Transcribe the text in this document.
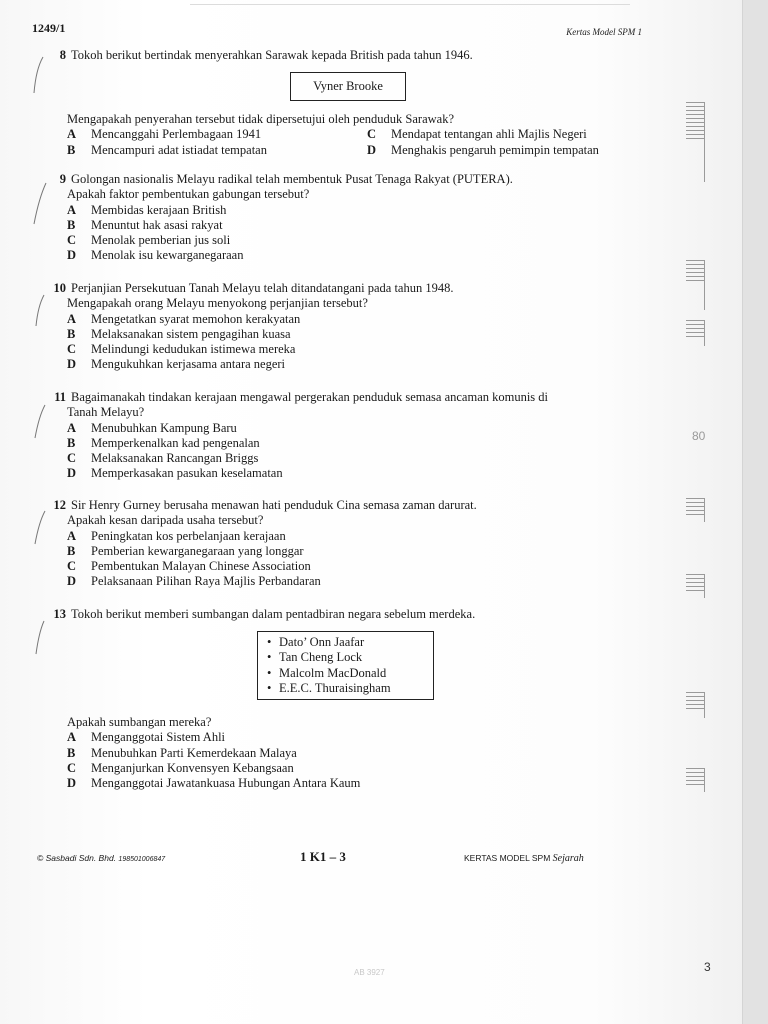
1249/1	Kertas Model SPM 1
8 Tokoh berikut bertindak menyerahkan Sarawak kepada British pada tahun 1946.
Vyner Brooke
Mengapakah penyerahan tersebut tidak dipersetujui oleh penduduk Sarawak?
A	Mencanggahi Perlembagaan 1941	C	Mendapat tentangan ahli Majlis Negeri
B	Mencampuri adat istiadat tempatan	D	Menghakis pengaruh pemimpin tempatan
9 Golongan nasionalis Melayu radikal telah membentuk Pusat Tenaga Rakyat (PUTERA).
Apakah faktor pembentukan gabungan tersebut?
A	Membidas kerajaan British
B	Menuntut hak asasi rakyat
C	Menolak pemberian jus soli
D	Menolak isu kewarganegaraan
10 Perjanjian Persekutuan Tanah Melayu telah ditandatangani pada tahun 1948.
Mengapakah orang Melayu menyokong perjanjian tersebut?
A	Mengetatkan syarat memohon kerakyatan
B	Melaksanakan sistem pengagihan kuasa
C	Melindungi kedudukan istimewa mereka
D	Mengukuhkan kerjasama antara negeri
11 Bagaimanakah tindakan kerajaan mengawal pergerakan penduduk semasa ancaman komunis di
Tanah Melayu?
A	Menubuhkan Kampung Baru
B	Memperkenalkan kad pengenalan
C	Melaksanakan Rancangan Briggs
D	Memperkasakan pasukan keselamatan
12 Sir Henry Gurney berusaha menawan hati penduduk Cina semasa zaman darurat.
Apakah kesan daripada usaha tersebut?
A	Peningkatan kos perbelanjaan kerajaan
B	Pemberian kewarganegaraan yang longgar
C	Pembentukan Malayan Chinese Association
D	Pelaksanaan Pilihan Raya Majlis Perbandaran
13 Tokoh berikut memberi sumbangan dalam pentadbiran negara sebelum merdeka.
• Dato’ Onn Jaafar
• Tan Cheng Lock
• Malcolm MacDonald
• E.E.C. Thuraisingham
Apakah sumbangan mereka?
A	Menganggotai Sistem Ahli
B	Menubuhkan Parti Kemerdekaan Malaya
C	Menganjurkan Konvensyen Kebangsaan
D	Menganggotai Jawatankuasa Hubungan Antara Kaum
© Sasbadi Sdn. Bhd. 198501006847	1 K1 – 3	KERTAS MODEL SPM Sejarah
AB 3927	3
80
